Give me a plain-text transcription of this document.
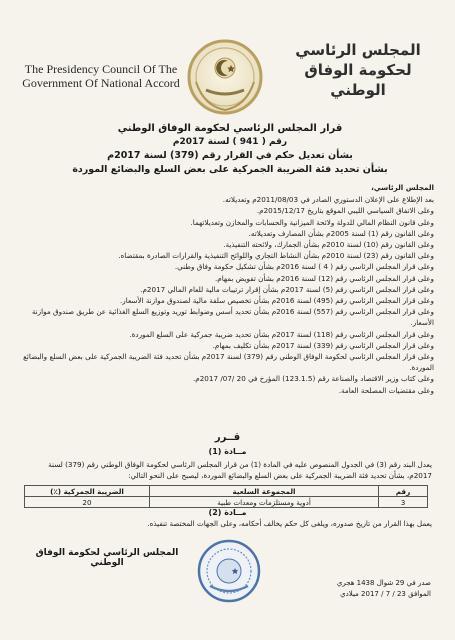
The Presidency Council Of The
Government Of National Accord
المجلس الرئاسي
لحكومة الوفاق الوطني
قرار المجلس الرئاسي لحكومة الوفاق الوطني
رقم ( 941 ) لسنة 2017م
بشأن تعديل حكم في القرار رقم (379) لسنة 2017م
بشأن تحديد فئة الضريبة الجمركية على بعض السلع والبضائع الموردة
المجلس الرئاسي،

بعد الإطلاع على الإعلان الدستوري الصادر في 2011/08/03م وتعديلاته.

وعلى الاتفاق السياسي الليبي الموقع بتاريخ 2015/12/17م.

وعلى قانون النظام المالي للدولة ولائحة الميزانية والحسابات والمخازن وتعديلاتهما.

وعلى القانون رقم (1) لسنة 2005م بشأن المصارف وتعديلاته.

وعلى القانون رقم (10) لسنة 2010م بشأن الجمارك، ولائحته التنفيذية.

وعلى القانون رقم (23) لسنة 2010م بشأن النشاط التجاري واللوائح التنفيذية والقرارات الصادرة بمقتضاه.

وعلى قرار المجلس الرئاسي رقم ( 4 ) لسنة 2016م بشأن تشكيل حكومة وفاق وطني.

وعلى قرار المجلس الرئاسي رقم (12) لسنة 2016م بشأن تفويض بمهام.

وعلى قرار المجلس الرئاسي رقم (5) لسنة 2017م بشأن إقرار ترتيبات مالية للعام المالي 2017م.

وعلى قرار المجلس الرئاسي رقم (495) لسنة 2016م بشأن تخصيص سلفة مالية لصندوق موازنة الأسعار.

وعلى قرار المجلس الرئاسي رقم (557) لسنة 2016م بشأن تحديد أسس وضوابط توريد وتوزيع السلع الغذائية عن طريق صندوق موازنة الأسعار.

وعلى قرار المجلس الرئاسي رقم (118) لسنة 2017م بشأن تحديد ضريبة جمركية على السلع الموردة.

وعلى قرار المجلس الرئاسي رقم (339) لسنة 2017م بشأن تكليف بمهام.

وعلى قرار المجلس الرئاسي لحكومة الوفاق الوطني رقم (379) لسنة 2017م بشأن تحديد فئة الضريبة الجمركية على بعض السلع والبضائع الموردة.

وعلى كتاب وزير الاقتصاد والصناعة رقم (123.1.5) المؤرخ في 20 /07/ 2017م.

وعلى مقتضيات المصلحة العامة.

قــرر
مــادة (1)
يعدل البند رقم (3) في الجدول المنصوص عليه في المادة (1) من قرار المجلس الرئاسي لحكومة الوفاق الوطني رقم (379) لسنة 2017م، بشأن تحديد فئة الضريبة الجمركية على بعض السلع والبضائع الموردة، ليصبح على النحو التالي:
رقم	المجموعة السلعية	الضريبة الجمركية (٪)
3	أدوية ومستلزمات ومعدات طبية	20
مــادة (2)
يعمل بهذا القرار من تاريخ صدوره، ويلغى كل حكم يخالف أحكامه، وعلى الجهات المختصة تنفيذه.
المجلس الرئاسي لحكومة الوفاق الوطني
صدر في 29 شوال 1438 هجري
الموافق 23 / 7 / 2017 ميلادي
